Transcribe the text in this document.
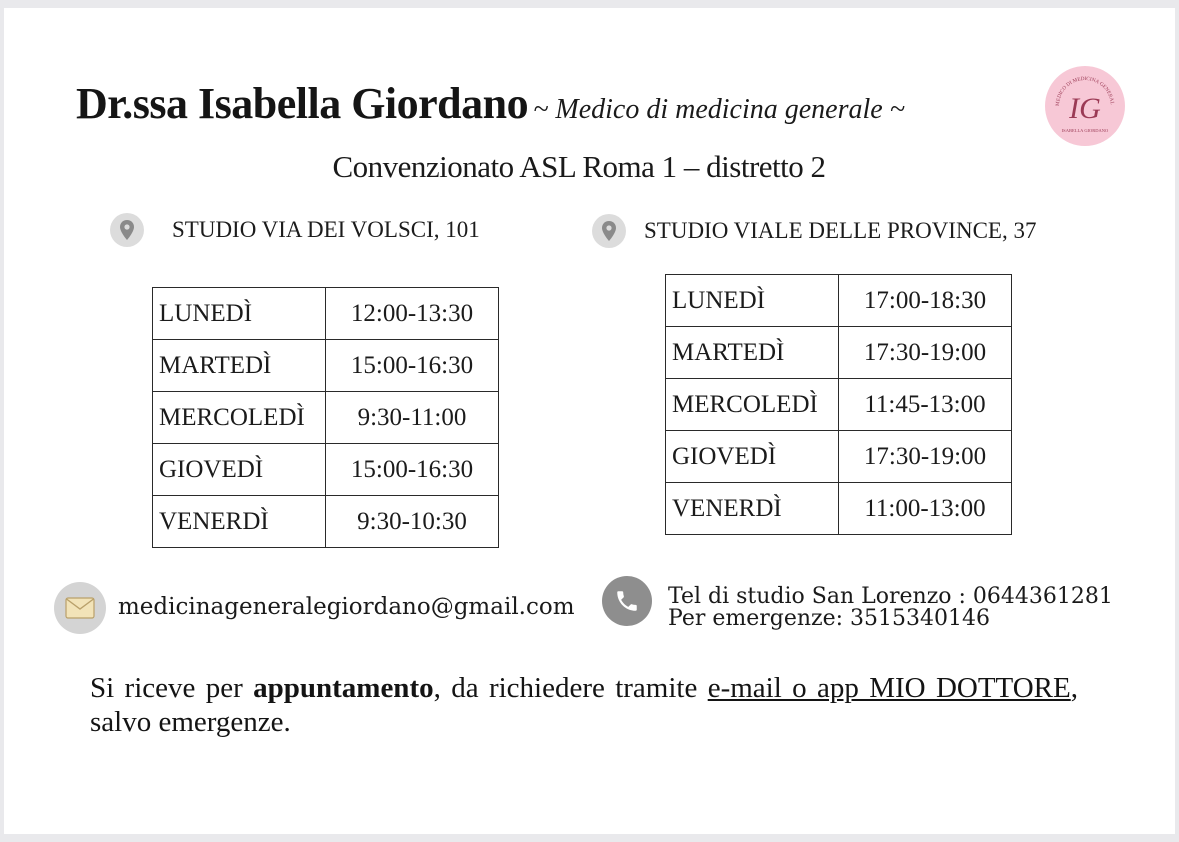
Dr.ssa Isabella Giordano ~ Medico di medicina generale ~	MEDICO DI MEDICINA GENERAL
IG
ISABELLA GIORDANO
Convenzionato ASL Roma 1 – distretto 2
STUDIO VIA DEI VOLSCI, 101	STUDIO VIALE DELLE PROVINCE, 37
LUNEDÌ	12:00-13:30
MARTEDÌ	15:00-16:30
MERCOLEDÌ	9:30-11:00
GIOVEDÌ	15:00-16:30
VENERDÌ	9:30-10:30
LUNEDÌ	17:00-18:30
MARTEDÌ	17:30-19:00
MERCOLEDÌ	11:45-13:00
GIOVEDÌ	17:30-19:00
VENERDÌ	11:00-13:00
medicinageneralegiordano@gmail.com	Tel di studio San Lorenzo : 0644361281
Per emergenze: 3515340146
Si riceve per appuntamento, da richiedere tramite e-mail o app MIO DOTTORE, salvo emergenze.
